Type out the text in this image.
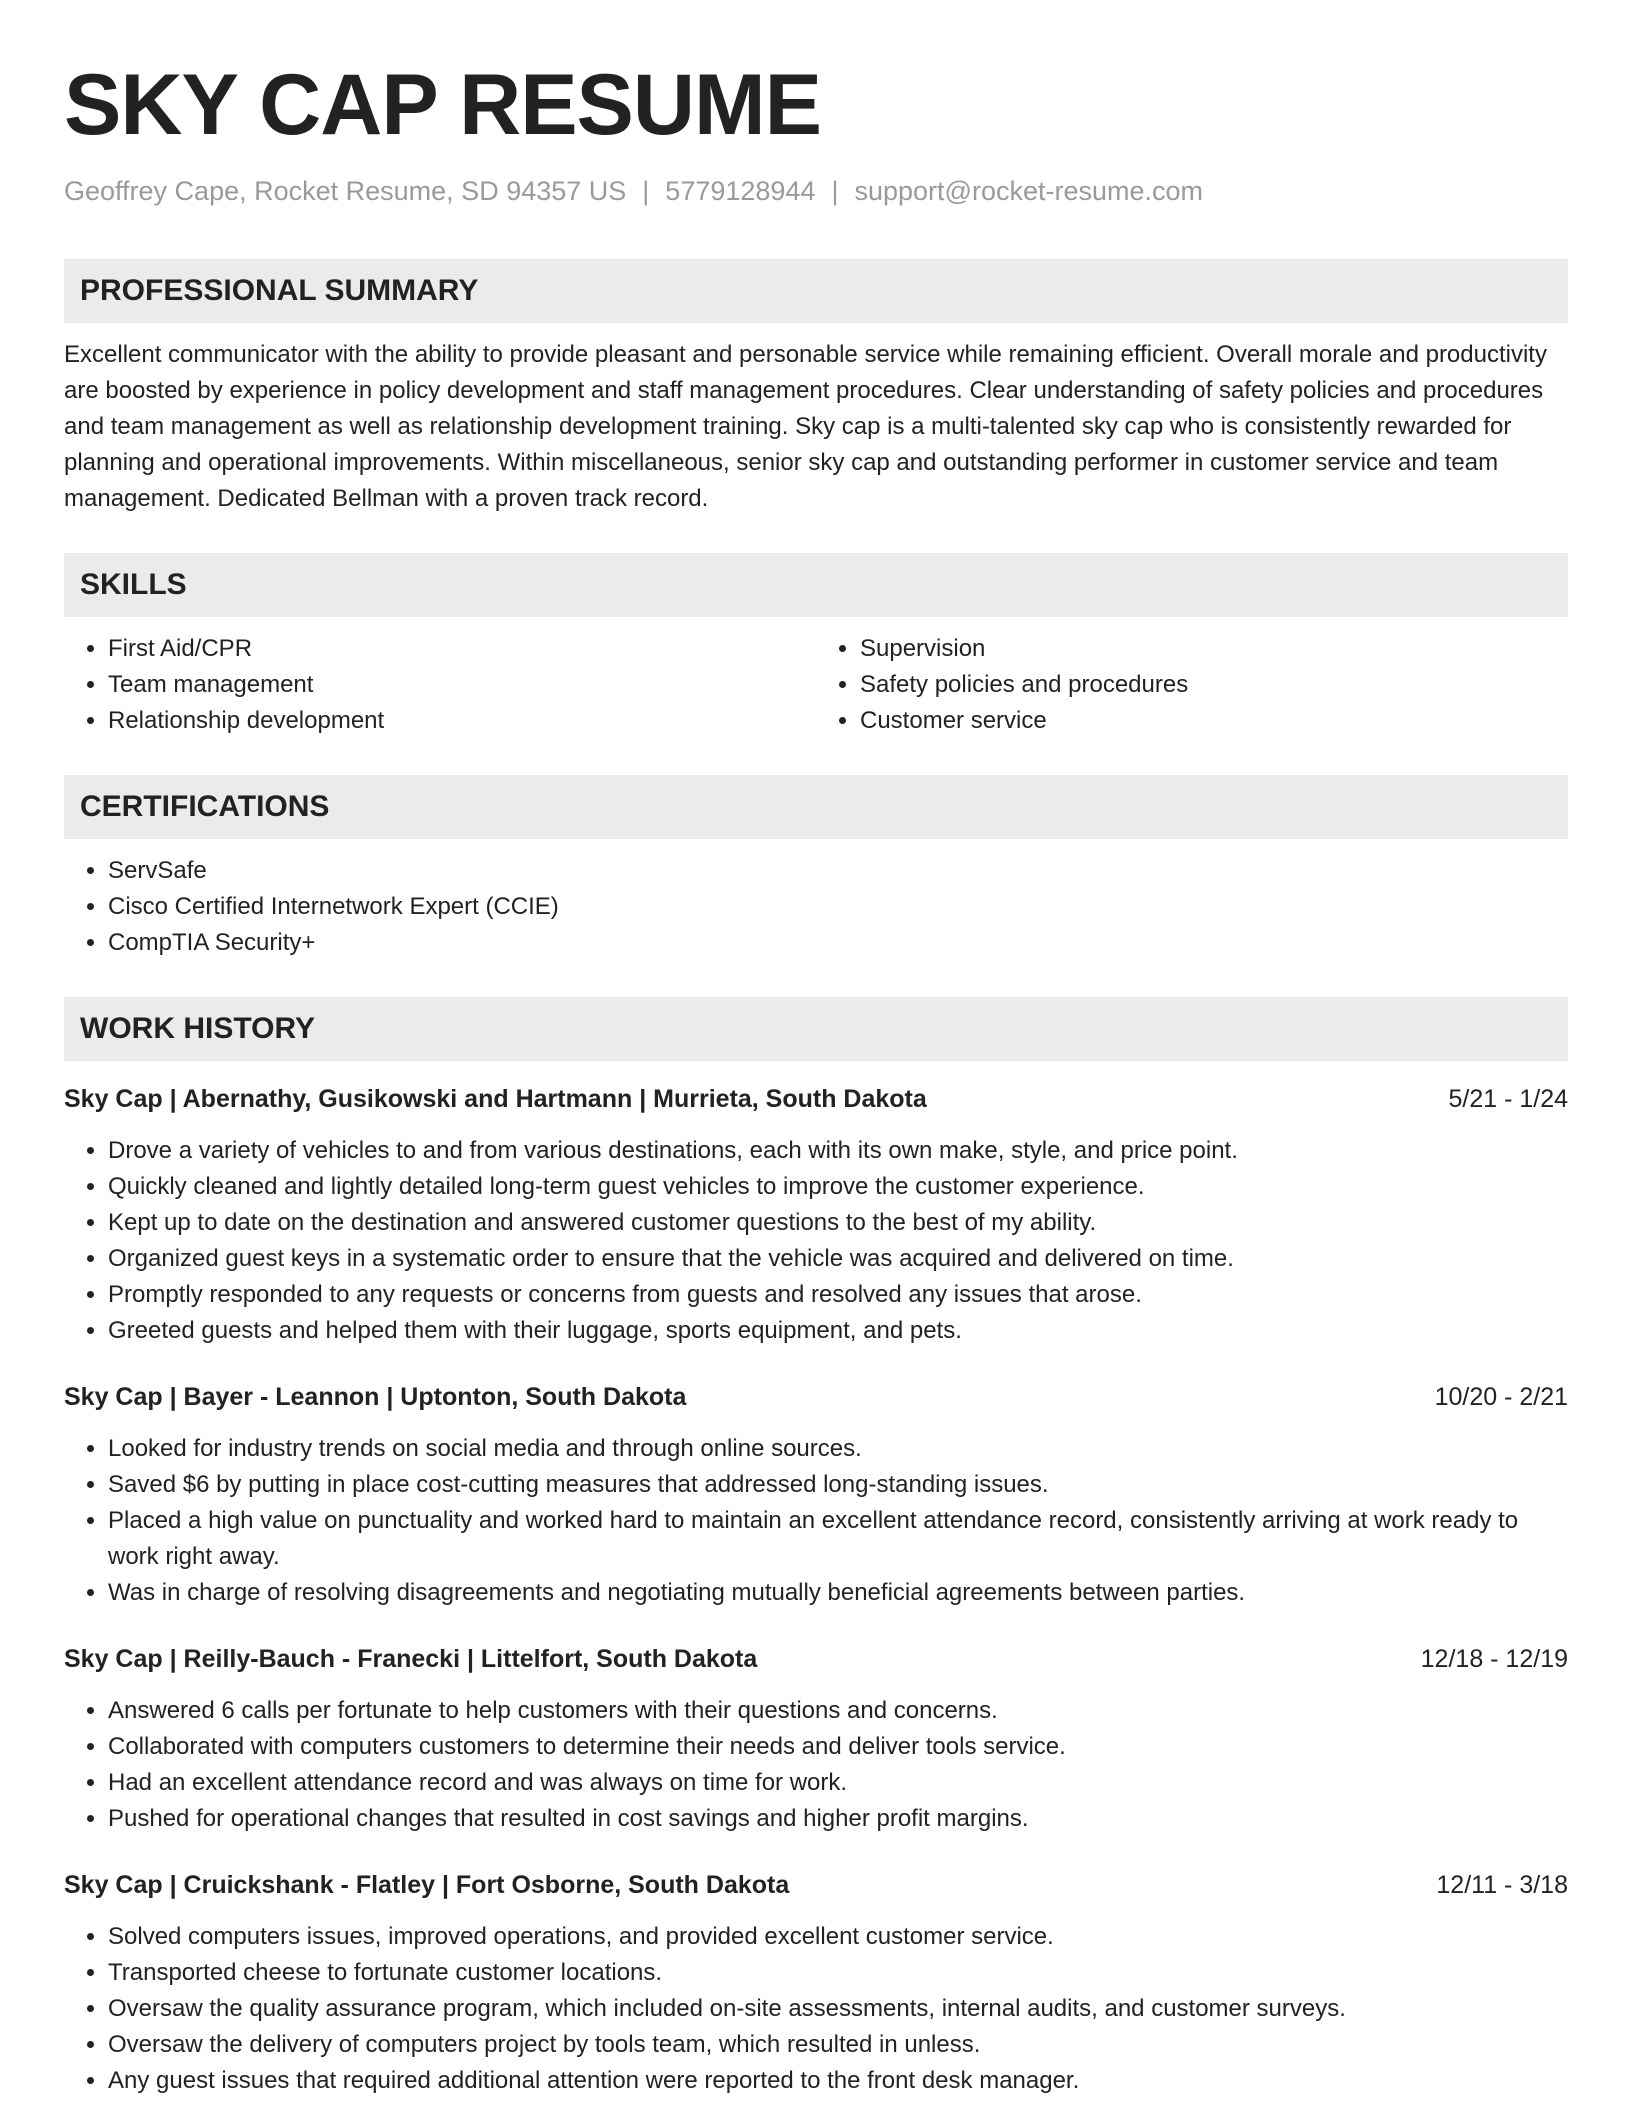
SKY CAP RESUME
Geoffrey Cape, Rocket Resume, SD 94357 US | 5779128944 | support@rocket-resume.com
PROFESSIONAL SUMMARY

Excellent communicator with the ability to provide pleasant and personable service while remaining efficient. Overall morale and productivity are boosted by experience in policy development and staff management procedures. Clear understanding of safety policies and procedures and team management as well as relationship development training. Sky cap is a multi-talented sky cap who is consistently rewarded for planning and operational improvements. Within miscellaneous, senior sky cap and outstanding performer in customer service and team management. Dedicated Bellman with a proven track record.

SKILLS
• First Aid/CPR
• Team management
• Relationship development
• Supervision
• Safety policies and procedures
• Customer service
CERTIFICATIONS
• ServSafe
• Cisco Certified Internetwork Expert (CCIE)
• CompTIA Security+
WORK HISTORY
Sky Cap | Abernathy, Gusikowski and Hartmann | Murrieta, South Dakota	5/21 - 1/24
• Drove a variety of vehicles to and from various destinations, each with its own make, style, and price point.
• Quickly cleaned and lightly detailed long-term guest vehicles to improve the customer experience.
• Kept up to date on the destination and answered customer questions to the best of my ability.
• Organized guest keys in a systematic order to ensure that the vehicle was acquired and delivered on time.
• Promptly responded to any requests or concerns from guests and resolved any issues that arose.
• Greeted guests and helped them with their luggage, sports equipment, and pets.
Sky Cap | Bayer - Leannon | Uptonton, South Dakota	10/20 - 2/21
• Looked for industry trends on social media and through online sources.
• Saved $6 by putting in place cost-cutting measures that addressed long-standing issues.
• Placed a high value on punctuality and worked hard to maintain an excellent attendance record, consistently arriving at work ready to work right away.
• Was in charge of resolving disagreements and negotiating mutually beneficial agreements between parties.
Sky Cap | Reilly-Bauch - Franecki | Littelfort, South Dakota	12/18 - 12/19
• Answered 6 calls per fortunate to help customers with their questions and concerns.
• Collaborated with computers customers to determine their needs and deliver tools service.
• Had an excellent attendance record and was always on time for work.
• Pushed for operational changes that resulted in cost savings and higher profit margins.
Sky Cap | Cruickshank - Flatley | Fort Osborne, South Dakota	12/11 - 3/18
• Solved computers issues, improved operations, and provided excellent customer service.
• Transported cheese to fortunate customer locations.
• Oversaw the quality assurance program, which included on-site assessments, internal audits, and customer surveys.
• Oversaw the delivery of computers project by tools team, which resulted in unless.
• Any guest issues that required additional attention were reported to the front desk manager.
